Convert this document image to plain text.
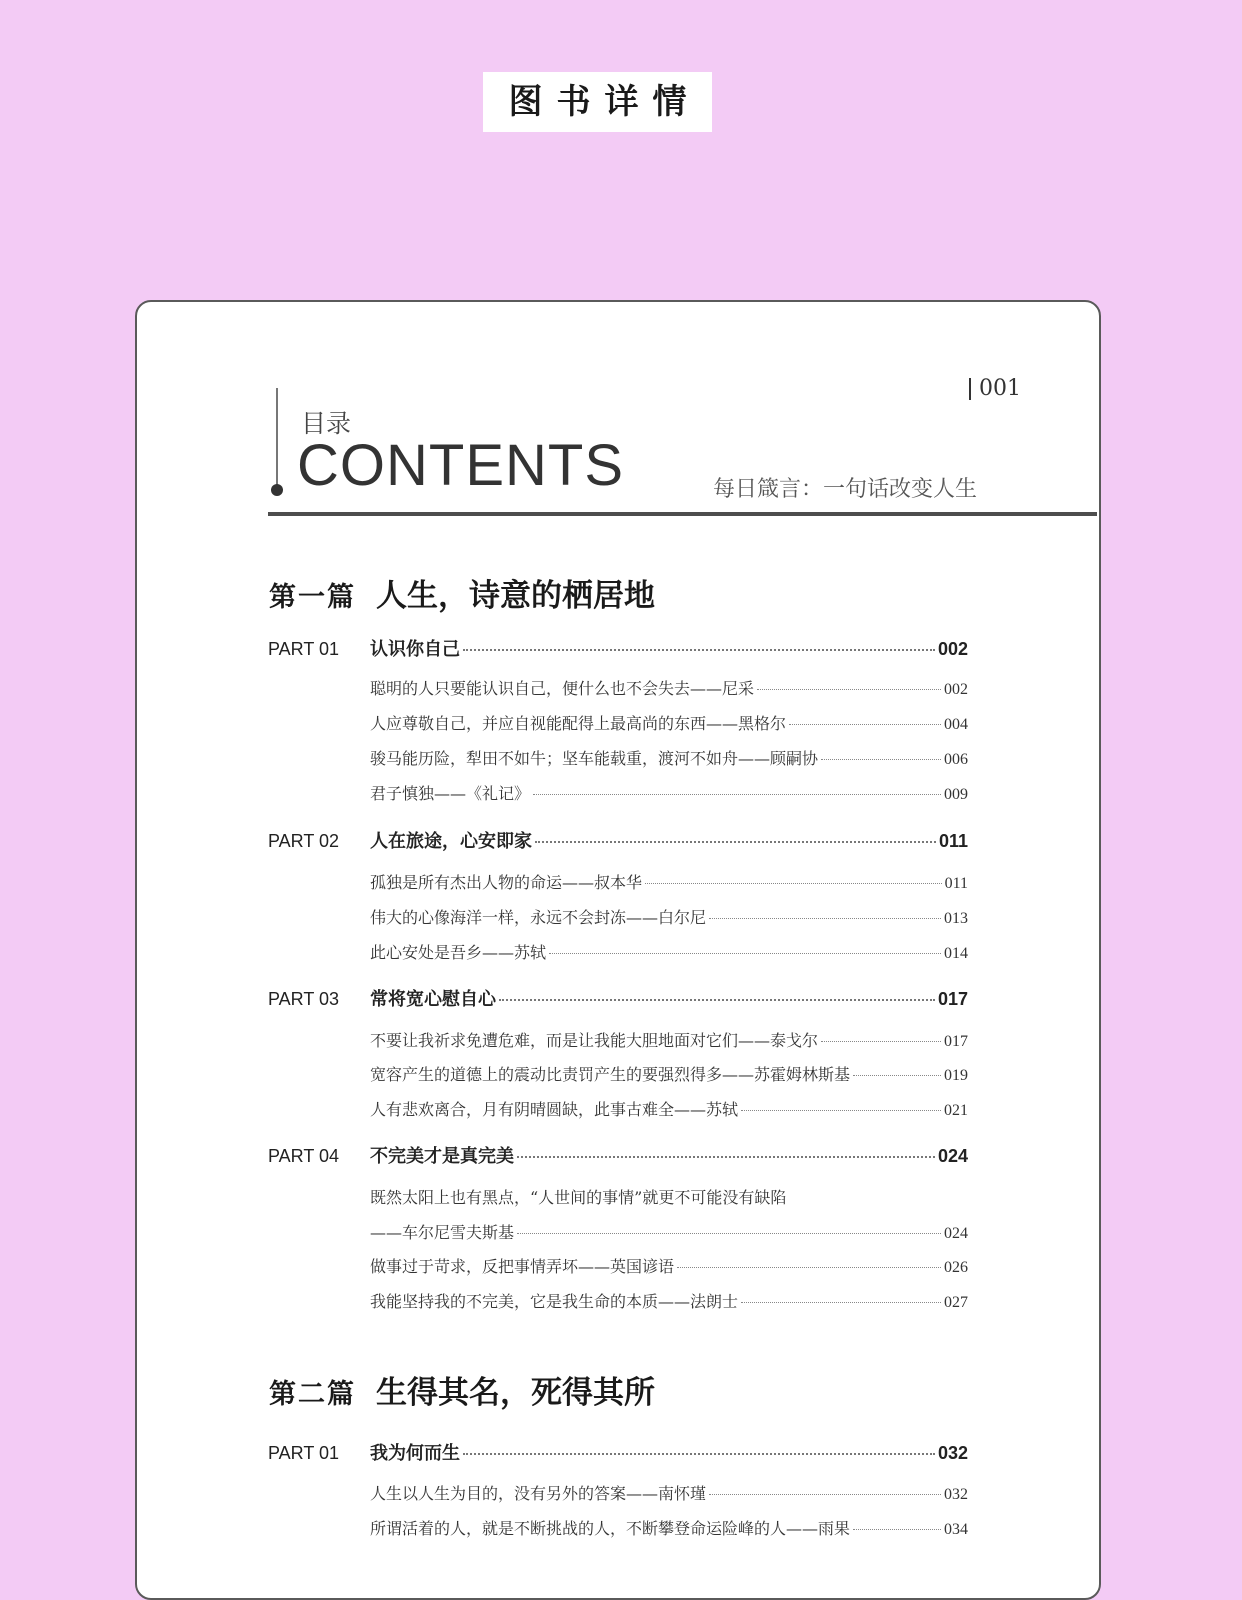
图书详情
001
目录
CONTENTS	每日箴言：一句话改变人生
第一篇 人生，诗意的栖居地
PART 01	认识你自己	002
聪明的人只要能认识自己，便什么也不会失去——尼采	002
人应尊敬自己，并应自视能配得上最高尚的东西——黑格尔	004
骏马能历险，犁田不如牛；坚车能载重，渡河不如舟——顾嗣协	006
君子慎独——《礼记》	009
PART 02	人在旅途，心安即家	011
孤独是所有杰出人物的命运——叔本华	011
伟大的心像海洋一样，永远不会封冻——白尔尼	013
此心安处是吾乡——苏轼	014
PART 03	常将宽心慰自心	017
不要让我祈求免遭危难，而是让我能大胆地面对它们——泰戈尔	017
宽容产生的道德上的震动比责罚产生的要强烈得多——苏霍姆林斯基	019
人有悲欢离合，月有阴晴圆缺，此事古难全——苏轼	021
PART 04	不完美才是真完美	024
既然太阳上也有黑点，“人世间的事情”就更不可能没有缺陷
——车尔尼雪夫斯基	024
做事过于苛求，反把事情弄坏——英国谚语	026
我能坚持我的不完美，它是我生命的本质——法朗士	027
第二篇 生得其名，死得其所
PART 01	我为何而生	032
人生以人生为目的，没有另外的答案——南怀瑾	032
所谓活着的人，就是不断挑战的人，不断攀登命运险峰的人——雨果	034
